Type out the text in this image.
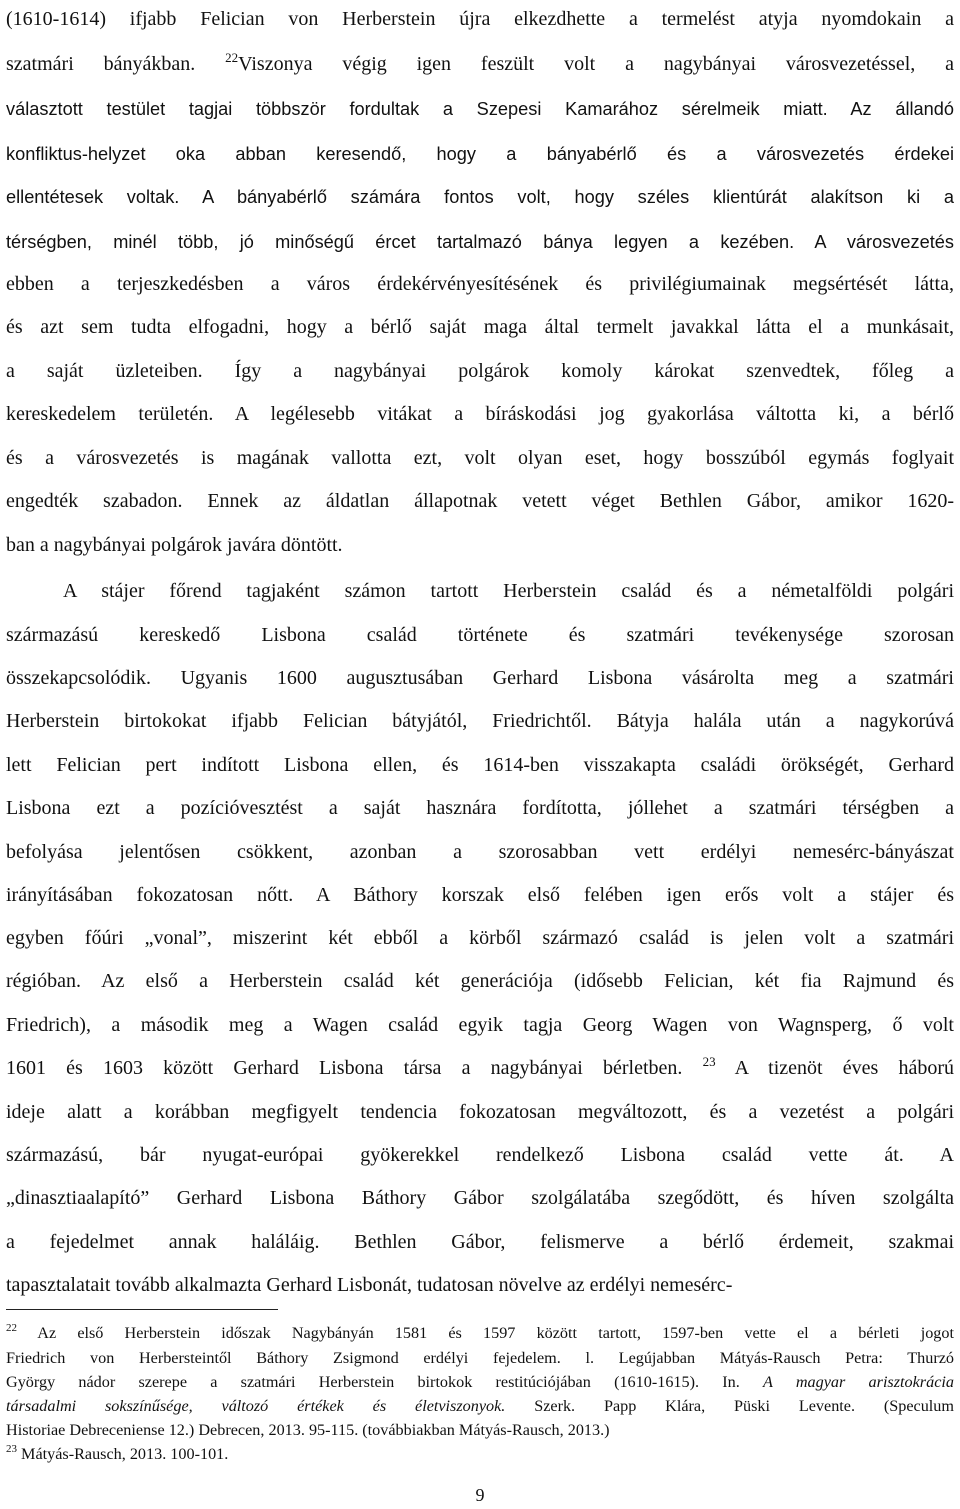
(1610-1614) ifjabb Felician von Herberstein újra elkezdhette a termelést atyja nyomdokain a
szatmári bányákban. $^{22}$Viszonya végig igen feszült volt a nagybányai városvezetéssel, a
választott testület tagjai többször fordultak a Szepesi Kamarához sérelmeik miatt. Az állandó
konfliktus-helyzet oka abban keresendő, hogy a bányabérlő és a városvezetés érdekei
ellentétesek voltak. A bányabérlő számára fontos volt, hogy széles klientúrát alakítson ki a
térségben, minél több, jó minőségű ércet tartalmazó bánya legyen a kezében. A városvezetés
ebben a terjeszkedésben a város érdekérvényesítésének és privilégiumainak megsértését látta,
és azt sem tudta elfogadni, hogy a bérlő saját maga által termelt javakkal látta el a munkásait,
a saját üzleteiben. Így a nagybányai polgárok komoly károkat szenvedtek, főleg a
kereskedelem területén. A legélesebb vitákat a bíráskodási jog gyakorlása váltotta ki, a bérlő
és a városvezetés is magának vallotta ezt, volt olyan eset, hogy bosszúból egymás foglyait
engedték szabadon. Ennek az áldatlan állapotnak vetett véget Bethlen Gábor, amikor 1620-
ban a nagybányai polgárok javára döntött.
A stájer főrend tagjaként számon tartott Herberstein család és a németalföldi polgári
származású kereskedő Lisbona család története és szatmári tevékenysége szorosan
összekapcsolódik. Ugyanis 1600 augusztusában Gerhard Lisbona vásárolta meg a szatmári
Herberstein birtokokat ifjabb Felician bátyjától, Friedrichtől. Bátyja halála után a nagykorúvá
lett Felician pert indított Lisbona ellen, és 1614-ben visszakapta családi örökségét, Gerhard
Lisbona ezt a pozícióvesztést a saját hasznára fordította, jóllehet a szatmári térségben a
befolyása jelentősen csökkent, azonban a szorosabban vett erdélyi nemesérc-bányászat
irányításában fokozatosan nőtt. A Báthory korszak első felében igen erős volt a stájer és
egyben főúri „vonal”, miszerint két ebből a körből származó család is jelen volt a szatmári
régióban. Az első a Herberstein család két generációja (idősebb Felician, két fia Rajmund és
Friedrich), a második meg a Wagen család egyik tagja Georg Wagen von Wagnsperg, ő volt
1601 és 1603 között Gerhard Lisbona társa a nagybányai bérletben. $^{23}$ A tizenöt éves háború
ideje alatt a korábban megfigyelt tendencia fokozatosan megváltozott, és a vezetést a polgári
származású, bár nyugat-európai gyökerekkel rendelkező Lisbona család vette át. A
„dinasztiaalapító” Gerhard Lisbona Báthory Gábor szolgálatába szegődött, és híven szolgálta
a fejedelmet annak haláláig. Bethlen Gábor, felismerve a bérlő érdemeit, szakmai
tapasztalatait tovább alkalmazta Gerhard Lisbonát, tudatosan növelve az erdélyi nemesérc-
$^{22}$ Az első Herberstein időszak Nagybányán 1581 és 1597 között tartott, 1597-ben vette el a bérleti jogot
Friedrich von Herbersteintől Báthory Zsigmond erdélyi fejedelem. l. Legújabban Mátyás-Rausch Petra: Thurzó
György nádor szerepe a szatmári Herberstein birtokok restitúciójában (1610-1615). In. A magyar arisztokrácia
társadalmi sokszínűsége, változó értékek és életviszonyok. Szerk. Papp Klára, Püski Levente. (Speculum
Historiae Debreceniense 12.) Debrecen, 2013. 95-115. (továbbiakban Mátyás-Rausch, 2013.)
$^{23}$ Mátyás-Rausch, 2013. 100-101.
9
